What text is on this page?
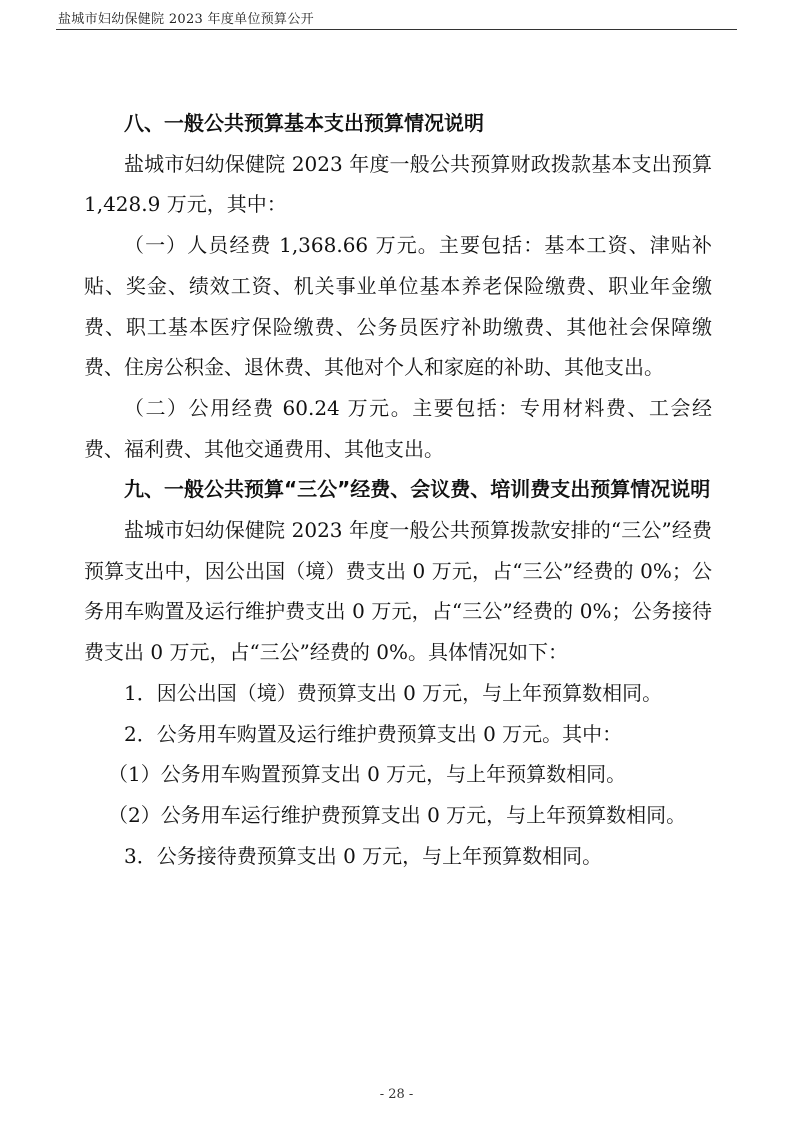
盐城市妇幼保健院 2023 年度单位预算公开

八、一般公共预算基本支出预算情况说明

盐城市妇幼保健院 2023 年度一般公共预算财政拨款基本支出预算 1,428.9 万元，其中：

（一）人员经费 1,368.66 万元。主要包括：基本工资、津贴补贴、奖金、绩效工资、机关事业单位基本养老保险缴费、职业年金缴费、职工基本医疗保险缴费、公务员医疗补助缴费、其他社会保障缴费、住房公积金、退休费、其他对个人和家庭的补助、其他支出。

（二）公用经费 60.24 万元。主要包括：专用材料费、工会经费、福利费、其他交通费用、其他支出。

九、一般公共预算“三公”经费、会议费、培训费支出预算情况说明

盐城市妇幼保健院 2023 年度一般公共预算拨款安排的“三公”经费预算支出中，因公出国（境）费支出 0 万元，占“三公”经费的 0%；公务用车购置及运行维护费支出 0 万元，占“三公”经费的 0%；公务接待费支出 0 万元，占“三公”经费的 0%。具体情况如下：

1．因公出国（境）费预算支出 0 万元，与上年预算数相同。

2．公务用车购置及运行维护费预算支出 0 万元。其中：

（1）公务用车购置预算支出 0 万元，与上年预算数相同。

（2）公务用车运行维护费预算支出 0 万元，与上年预算数相同。

3．公务接待费预算支出 0 万元，与上年预算数相同。

- 28 -
